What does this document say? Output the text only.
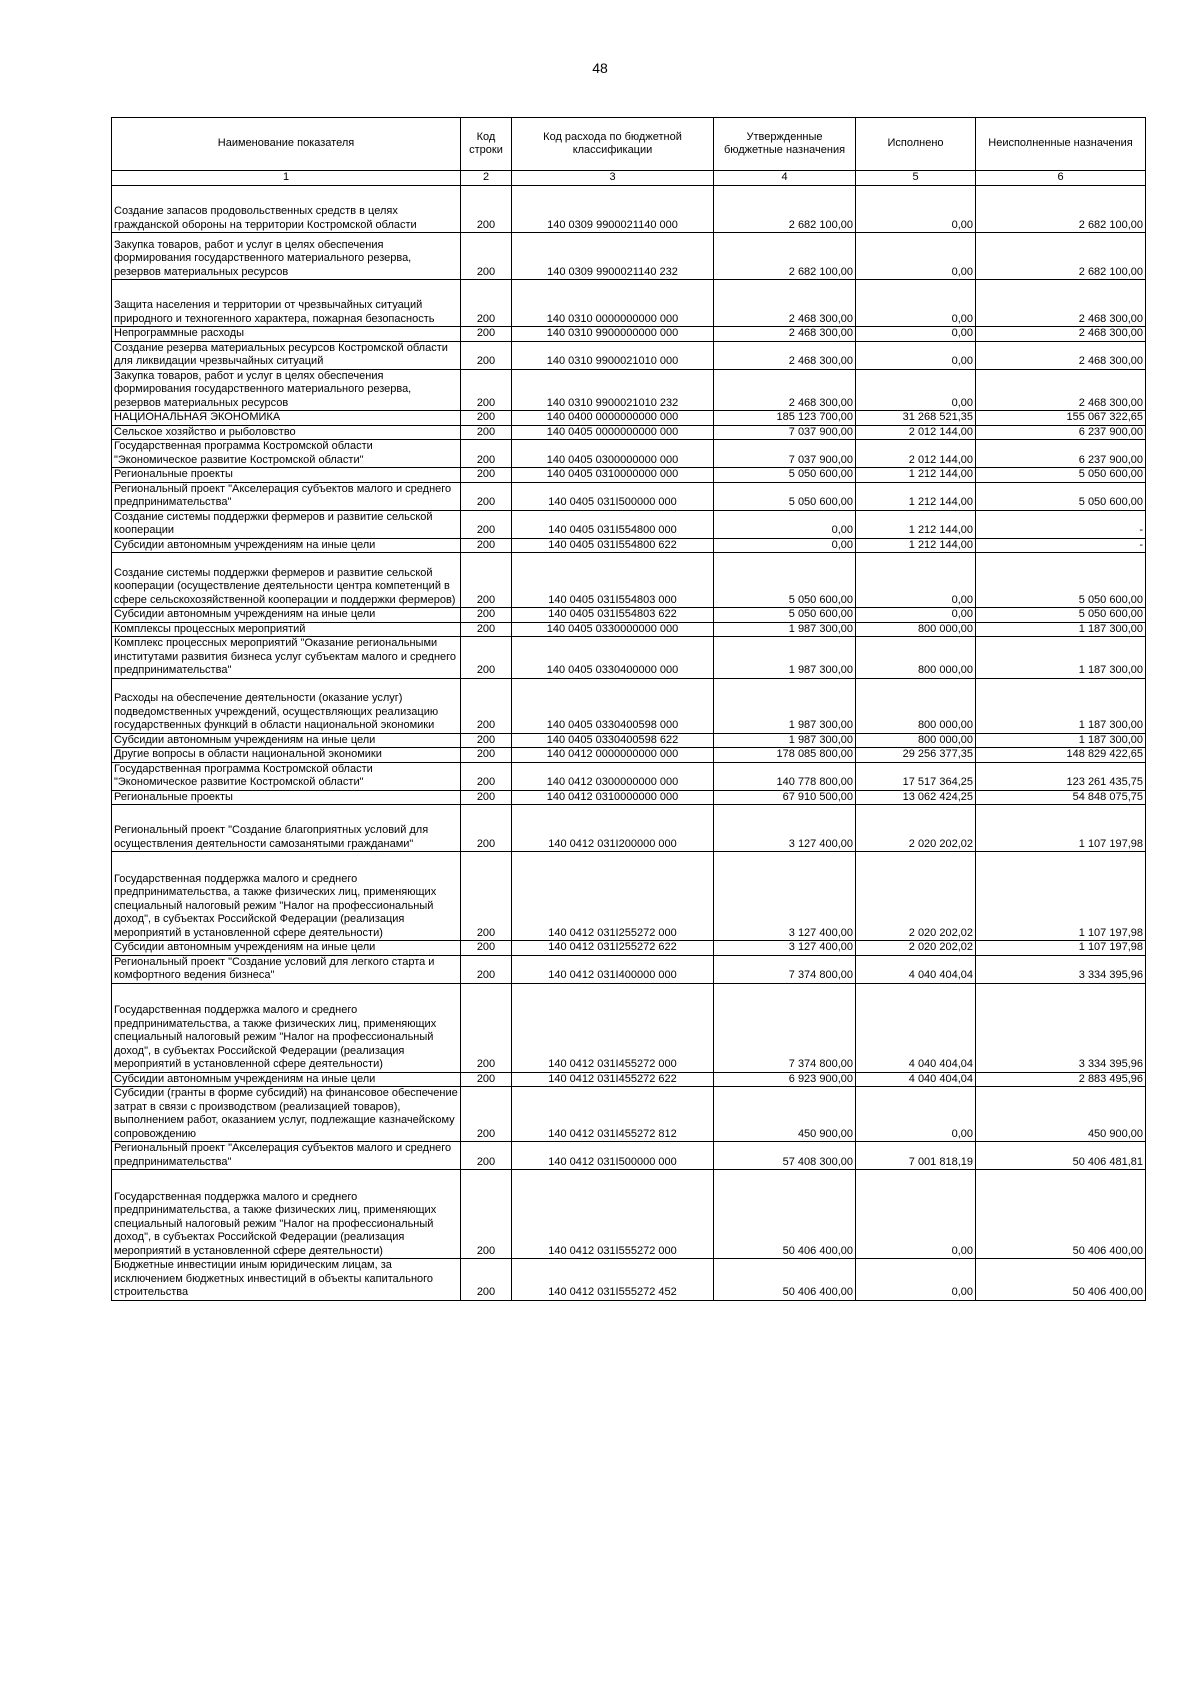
48
Наименование показателя	Код строки	Код расхода по бюджетной классификации	Утвержденные бюджетные назначения	Исполнено	Неисполненные назначения
1	2	3	4	5	6
Создание запасов продовольственных средств в целях гражданской обороны на территории Костромской области	200	140 0309 9900021140 000	2 682 100,00	0,00	2 682 100,00
Закупка товаров, работ и услуг в целях обеспечения формирования государственного материального резерва, резервов материальных ресурсов	200	140 0309 9900021140 232	2 682 100,00	0,00	2 682 100,00
Защита населения и территории от чрезвычайных ситуаций природного и техногенного характера, пожарная безопасность	200	140 0310 0000000000 000	2 468 300,00	0,00	2 468 300,00
Непрограммные расходы	200	140 0310 9900000000 000	2 468 300,00	0,00	2 468 300,00
Создание резерва материальных ресурсов Костромской области для ликвидации чрезвычайных ситуаций	200	140 0310 9900021010 000	2 468 300,00	0,00	2 468 300,00
Закупка товаров, работ и услуг в целях обеспечения формирования государственного материального резерва, резервов материальных ресурсов	200	140 0310 9900021010 232	2 468 300,00	0,00	2 468 300,00
НАЦИОНАЛЬНАЯ ЭКОНОМИКА	200	140 0400 0000000000 000	185 123 700,00	31 268 521,35	155 067 322,65
Сельское хозяйство и рыболовство	200	140 0405 0000000000 000	7 037 900,00	2 012 144,00	6 237 900,00
Государственная программа Костромской области "Экономическое развитие Костромской области"	200	140 0405 0300000000 000	7 037 900,00	2 012 144,00	6 237 900,00
Региональные проекты	200	140 0405 0310000000 000	5 050 600,00	1 212 144,00	5 050 600,00
Региональный проект "Акселерация субъектов малого и среднего предпринимательства"	200	140 0405 031I500000 000	5 050 600,00	1 212 144,00	5 050 600,00
Создание системы поддержки фермеров и развитие сельской кооперации	200	140 0405 031I554800 000	0,00	1 212 144,00	-
Субсидии автономным учреждениям на иные цели	200	140 0405 031I554800 622	0,00	1 212 144,00	-
Создание системы поддержки фермеров и развитие сельской кооперации (осуществление деятельности центра компетенций в сфере сельскохозяйственной кооперации и поддержки фермеров)	200	140 0405 031I554803 000	5 050 600,00	0,00	5 050 600,00
Субсидии автономным учреждениям на иные цели	200	140 0405 031I554803 622	5 050 600,00	0,00	5 050 600,00
Комплексы процессных мероприятий	200	140 0405 0330000000 000	1 987 300,00	800 000,00	1 187 300,00
Комплекс процессных мероприятий "Оказание региональными институтами развития бизнеса услуг субъектам малого и среднего предпринимательства"	200	140 0405 0330400000 000	1 987 300,00	800 000,00	1 187 300,00
Расходы на обеспечение деятельности (оказание услуг) подведомственных учреждений, осуществляющих реализацию государственных функций в области национальной экономики	200	140 0405 0330400598 000	1 987 300,00	800 000,00	1 187 300,00
Субсидии автономным учреждениям на иные цели	200	140 0405 0330400598 622	1 987 300,00	800 000,00	1 187 300,00
Другие вопросы в области национальной экономики	200	140 0412 0000000000 000	178 085 800,00	29 256 377,35	148 829 422,65
Государственная программа Костромской области "Экономическое развитие Костромской области"	200	140 0412 0300000000 000	140 778 800,00	17 517 364,25	123 261 435,75
Региональные проекты	200	140 0412 0310000000 000	67 910 500,00	13 062 424,25	54 848 075,75
Региональный проект "Создание благоприятных условий для осуществления деятельности самозанятыми гражданами"	200	140 0412 031I200000 000	3 127 400,00	2 020 202,02	1 107 197,98
Государственная поддержка малого и среднего предпринимательства, а также физических лиц, применяющих специальный налоговый режим "Налог на профессиональный доход", в субъектах Российской Федерации (реализация мероприятий в установленной сфере деятельности)	200	140 0412 031I255272 000	3 127 400,00	2 020 202,02	1 107 197,98
Субсидии автономным учреждениям на иные цели	200	140 0412 031I255272 622	3 127 400,00	2 020 202,02	1 107 197,98
Региональный проект "Создание условий для легкого старта и комфортного ведения бизнеса"	200	140 0412 031I400000 000	7 374 800,00	4 040 404,04	3 334 395,96
Государственная поддержка малого и среднего предпринимательства, а также физических лиц, применяющих специальный налоговый режим "Налог на профессиональный доход", в субъектах Российской Федерации (реализация мероприятий в установленной сфере деятельности)	200	140 0412 031I455272 000	7 374 800,00	4 040 404,04	3 334 395,96
Субсидии автономным учреждениям на иные цели	200	140 0412 031I455272 622	6 923 900,00	4 040 404,04	2 883 495,96
Субсидии (гранты в форме субсидий) на финансовое обеспечение затрат в связи с производством (реализацией товаров), выполнением работ, оказанием услуг, подлежащие казначейскому сопровождению	200	140 0412 031I455272 812	450 900,00	0,00	450 900,00
Региональный проект "Акселерация субъектов малого и среднего предпринимательства"	200	140 0412 031I500000 000	57 408 300,00	7 001 818,19	50 406 481,81
Государственная поддержка малого и среднего предпринимательства, а также физических лиц, применяющих специальный налоговый режим "Налог на профессиональный доход", в субъектах Российской Федерации (реализация мероприятий в установленной сфере деятельности)	200	140 0412 031I555272 000	50 406 400,00	0,00	50 406 400,00
Бюджетные инвестиции иным юридическим лицам, за исключением бюджетных инвестиций в объекты капитального строительства	200	140 0412 031I555272 452	50 406 400,00	0,00	50 406 400,00
